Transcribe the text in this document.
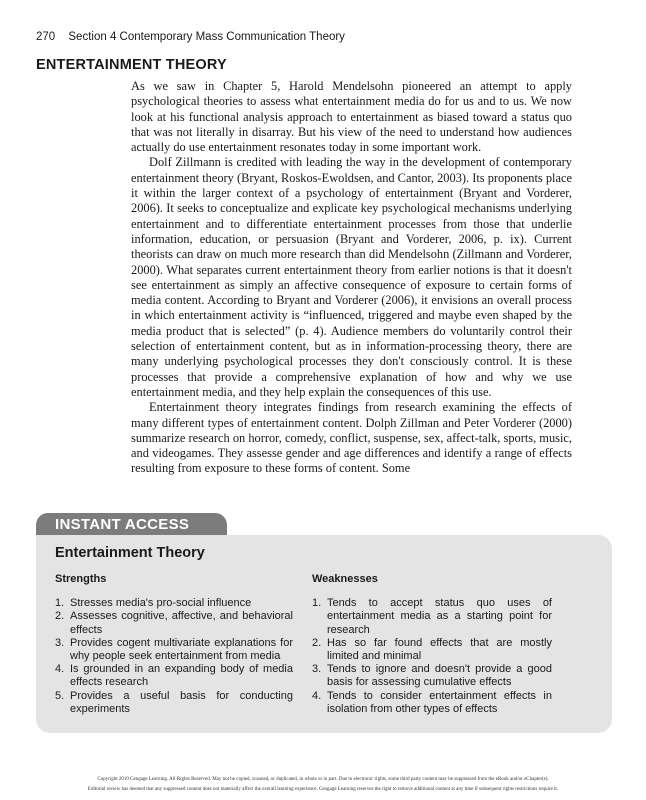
270 Section 4 Contemporary Mass Communication Theory
ENTERTAINMENT THEORY

As we saw in Chapter 5, Harold Mendelsohn pioneered an attempt to apply psychological theories to assess what entertainment media do for us and to us. We now look at his functional analysis approach to entertainment as biased toward a status quo that was not literally in disarray. But his view of the need to understand how audiences actually do use entertainment resonates today in some important work.

Dolf Zillmann is credited with leading the way in the development of contemporary entertainment theory (Bryant, Roskos-Ewoldsen, and Cantor, 2003). Its proponents place it within the larger context of a psychology of entertainment (Bryant and Vorderer, 2006). It seeks to conceptualize and explicate key psychological mechanisms underlying entertainment and to differentiate entertainment processes from those that underlie information, education, or persuasion (Bryant and Vorderer, 2006, p. ix). Current theorists can draw on much more research than did Mendelsohn (Zillmann and Vorderer, 2000). What separates current entertainment theory from earlier notions is that it doesn't see entertainment as simply an affective consequence of exposure to certain forms of media content. According to Bryant and Vorderer (2006), it envisions an overall process in which entertainment activity is “influenced, triggered and maybe even shaped by the media product that is selected” (p. 4). Audience members do voluntarily control their selection of entertainment content, but as in information-processing theory, there are many underlying psychological processes they don't consciously control. It is these processes that provide a comprehensive explanation of how and why we use entertainment media, and they help explain the consequences of this use.

Entertainment theory integrates findings from research examining the effects of many different types of entertainment content. Dolph Zillman and Peter Vorderer (2000) summarize research on horror, comedy, conflict, suspense, sex, affect-talk, sports, music, and videogames. They assesse gender and age differences and identify a range of effects resulting from exposure to these forms of content. Some

INSTANT ACCESS
Entertainment Theory
Strengths
1. Stresses media's pro-social influence
2. Assesses cognitive, affective, and behavioral effects
3. Provides cogent multivariate explanations for why people seek entertainment from media
4. Is grounded in an expanding body of media effects research
5. Provides a useful basis for conducting experiments
Weaknesses
1. Tends to accept status quo uses of entertainment media as a starting point for research
2. Has so far found effects that are mostly limited and minimal
3. Tends to ignore and doesn't provide a good basis for assessing cumulative effects
4. Tends to consider entertainment effects in isolation from other types of effects
Copyright 2010 Cengage Learning. All Rights Reserved. May not be copied, scanned, or duplicated, in whole or in part. Due to electronic rights, some third party content may be suppressed from the eBook and/or eChapter(s).
Editorial review has deemed that any suppressed content does not materially affect the overall learning experience. Cengage Learning reserves the right to remove additional content at any time if subsequent rights restrictions require it.
